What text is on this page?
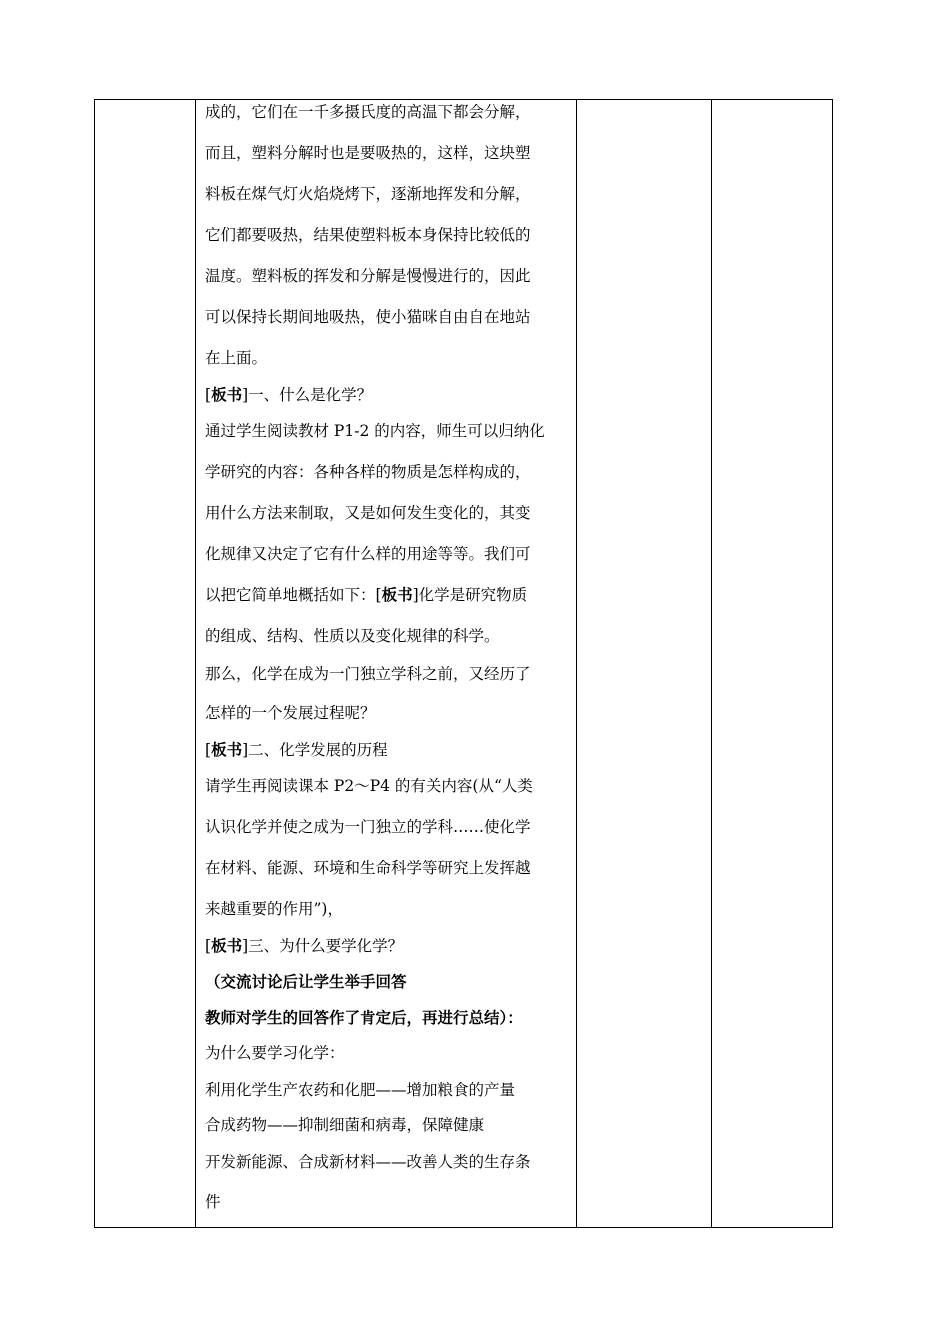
成的，它们在一千多摄氏度的高温下都会分解，
而且，塑料分解时也是要吸热的，这样，这块塑
料板在煤气灯火焰烧烤下，逐渐地挥发和分解，
它们都要吸热，结果使塑料板本身保持比较低的
温度。塑料板的挥发和分解是慢慢进行的，因此
可以保持长期间地吸热，使小猫咪自由自在地站
在上面。
[板书]一、什么是化学？
通过学生阅读教材 P1-2 的内容，师生可以归纳化
学研究的内容：各种各样的物质是怎样构成的，
用什么方法来制取，又是如何发生变化的，其变
化规律又决定了它有什么样的用途等等。我们可
以把它简单地概括如下：[板书]化学是研究物质
的组成、结构、性质以及变化规律的科学。
那么，化学在成为一门独立学科之前，又经历了
怎样的一个发展过程呢？
[板书]二、化学发展的历程
请学生再阅读课本 P2～P4 的有关内容(从“人类
认识化学并使之成为一门独立的学科……使化学
在材料、能源、环境和生命科学等研究上发挥越
来越重要的作用”)，
[板书]三、为什么要学化学？
（交流讨论后让学生举手回答
教师对学生的回答作了肯定后，再进行总结）：
为什么要学习化学：
利用化学生产农药和化肥——增加粮食的产量
合成药物——抑制细菌和病毒，保障健康
开发新能源、合成新材料——改善人类的生存条
件
